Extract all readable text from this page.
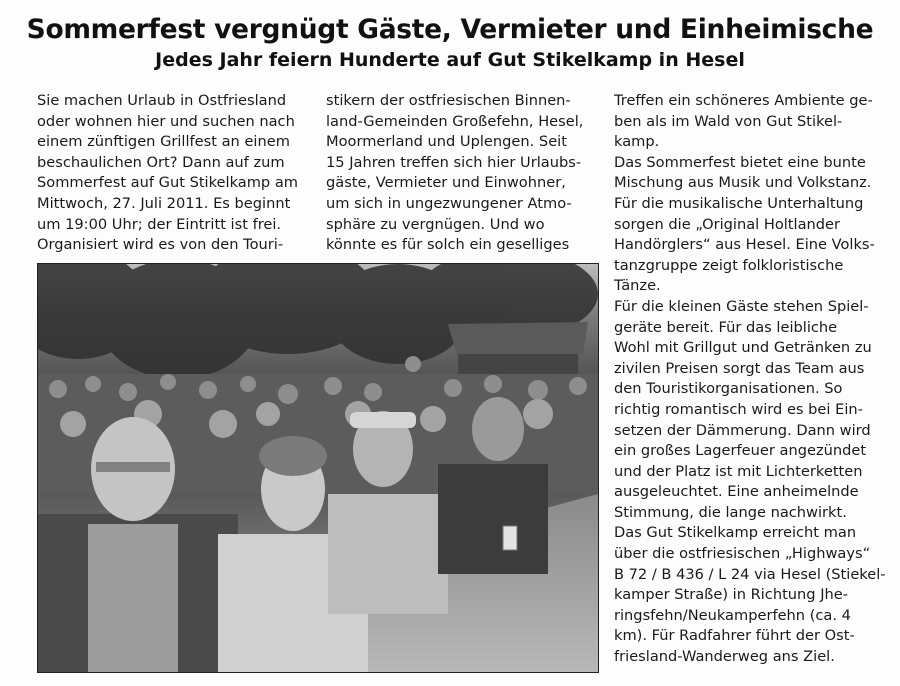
Sommerfest vergnügt Gäste, Vermieter und Einheimische
Jedes Jahr feiern Hunderte auf Gut Stikelkamp in Hesel
Sie machen Urlaub in Ostfriesland
oder wohnen hier und suchen nach
einem zünftigen Grillfest an einem
beschaulichen Ort? Dann auf zum
Sommerfest auf Gut Stikelkamp am
Mittwoch, 27. Juli 2011. Es beginnt
um 19:00 Uhr; der Eintritt ist frei.
Organisiert wird es von den Touri-
stikern der ostfriesischen Binnen-
land-Gemeinden Großefehn, Hesel,
Moormerland und Uplengen. Seit
15 Jahren treffen sich hier Urlaubs-
gäste, Vermieter und Einwohner,
um sich in ungezwungener Atmo-
sphäre zu vergnügen. Und wo
könnte es für solch ein geselliges
Treffen ein schöneres Ambiente ge-
ben als im Wald von Gut Stikel-
kamp.
Das Sommerfest bietet eine bunte
Mischung aus Musik und Volkstanz.
Für die musikalische Unterhaltung
sorgen die „Original Holtlander
Handörglers“ aus Hesel. Eine Volks-
tanzgruppe zeigt folkloristische
Tänze.
Für die kleinen Gäste stehen Spiel-
geräte bereit. Für das leibliche
Wohl mit Grillgut und Getränken zu
zivilen Preisen sorgt das Team aus
den Touristikorganisationen. So
richtig romantisch wird es bei Ein-
setzen der Dämmerung. Dann wird
ein großes Lagerfeuer angezündet
und der Platz ist mit Lichterketten
ausgeleuchtet. Eine anheimelnde
Stimmung, die lange nachwirkt.
Das Gut Stikelkamp erreicht man
über die ostfriesischen „Highways“
B 72 / B 436 / L 24 via Hesel (Stiekel-
kamper Straße) in Richtung Jhe-
ringsfehn/Neukamperfehn (ca. 4
km). Für Radfahrer führt der Ost-
friesland-Wanderweg ans Ziel.
